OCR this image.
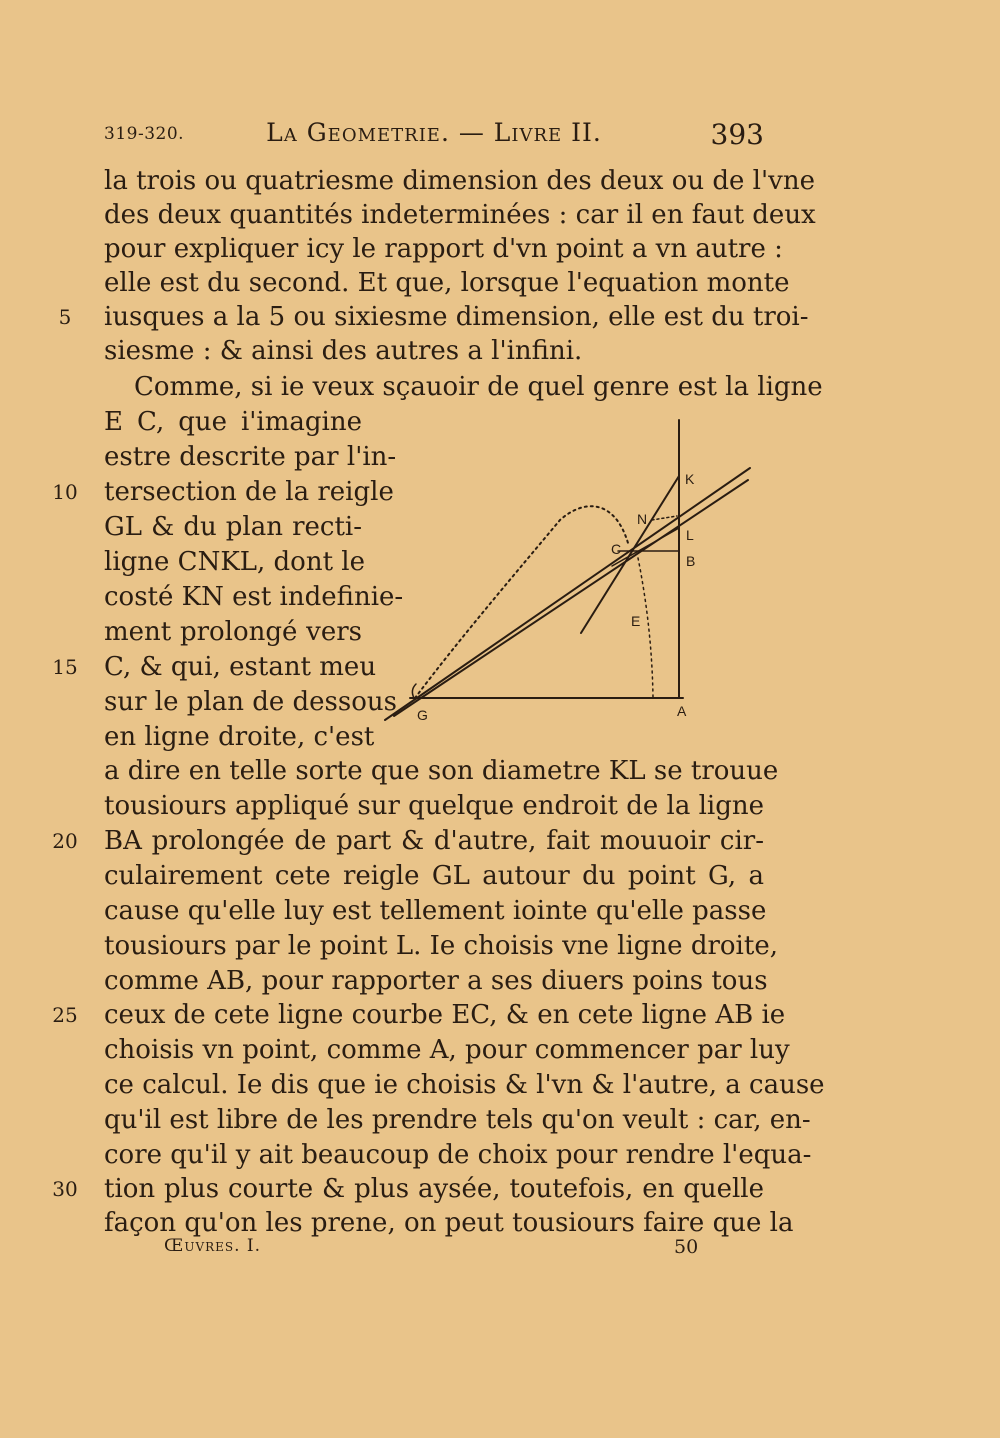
319-320.	La Geometrie. — Livre II.	393
la trois ou quatriesme dimension des deux ou de l'vne
des deux quantités indeterminées : car il en faut deux
pour expliquer icy le rapport d'vn point a vn autre :
elle est du second. Et que, lorsque l'equation monte
iusques a la 5 ou sixiesme dimension, elle est du troi-
siesme : & ainsi des autres a l'infini.
Comme, si ie veux sçauoir de quel genre est la ligne
E C, que i'imagine
estre descrite par l'in-
tersection de la reigle
GL & du plan recti-
ligne CNKL, dont le
costé KN est indefinie-
ment prolongé vers
C, & qui, estant meu
sur le plan de dessous
en ligne droite, c'est
a dire en telle sorte que son diametre KL se trouue
tousiours appliqué sur quelque endroit de la ligne
BA prolongée de part & d'autre, fait mouuoir cir-
culairement cete reigle GL autour du point G, a
cause qu'elle luy est tellement iointe qu'elle passe
tousiours par le point L. Ie choisis vne ligne droite,
comme AB, pour rapporter a ses diuers poins tous
ceux de cete ligne courbe EC, & en cete ligne AB ie
choisis vn point, comme A, pour commencer par luy
ce calcul. Ie dis que ie choisis & l'vn & l'autre, a cause
qu'il est libre de les prendre tels qu'on veult : car, en-
core qu'il y ait beaucoup de choix pour rendre l'equa-
tion plus courte & plus aysée, toutefois, en quelle
façon qu'on les prene, on peut tousiours faire que la
5
10
15
20
25
30
K
N
L
C
B
E
G	A
Œuvres. I.	50
